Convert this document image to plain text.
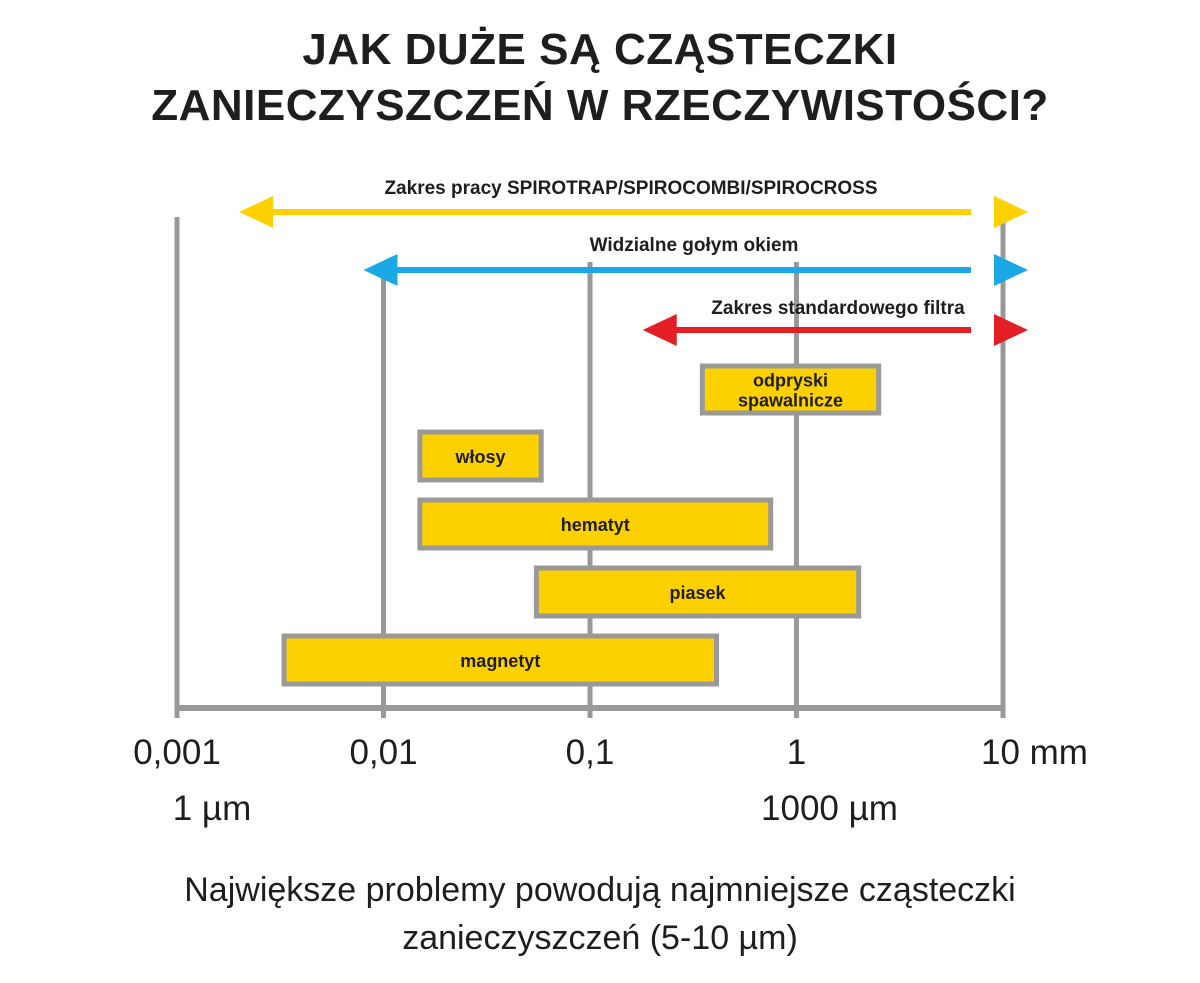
JAK DUŻE SĄ CZĄSTECZKI
ZANIECZYSZCZEŃ W RZECZYWISTOŚCI?
Zakres pracy SPIROTRAP/SPIROCOMBI/SPIROCROSS
Widzialne gołym okiem
Zakres standardowego filtra
odpryski
spawalnicze
włosy
hematyt
piasek
magnetyt
0,001	0,01	0,1	1	10 mm
1 µm	1000 µm
Największe problemy powodują najmniejsze cząsteczki
zanieczyszczeń (5-10 µm)
